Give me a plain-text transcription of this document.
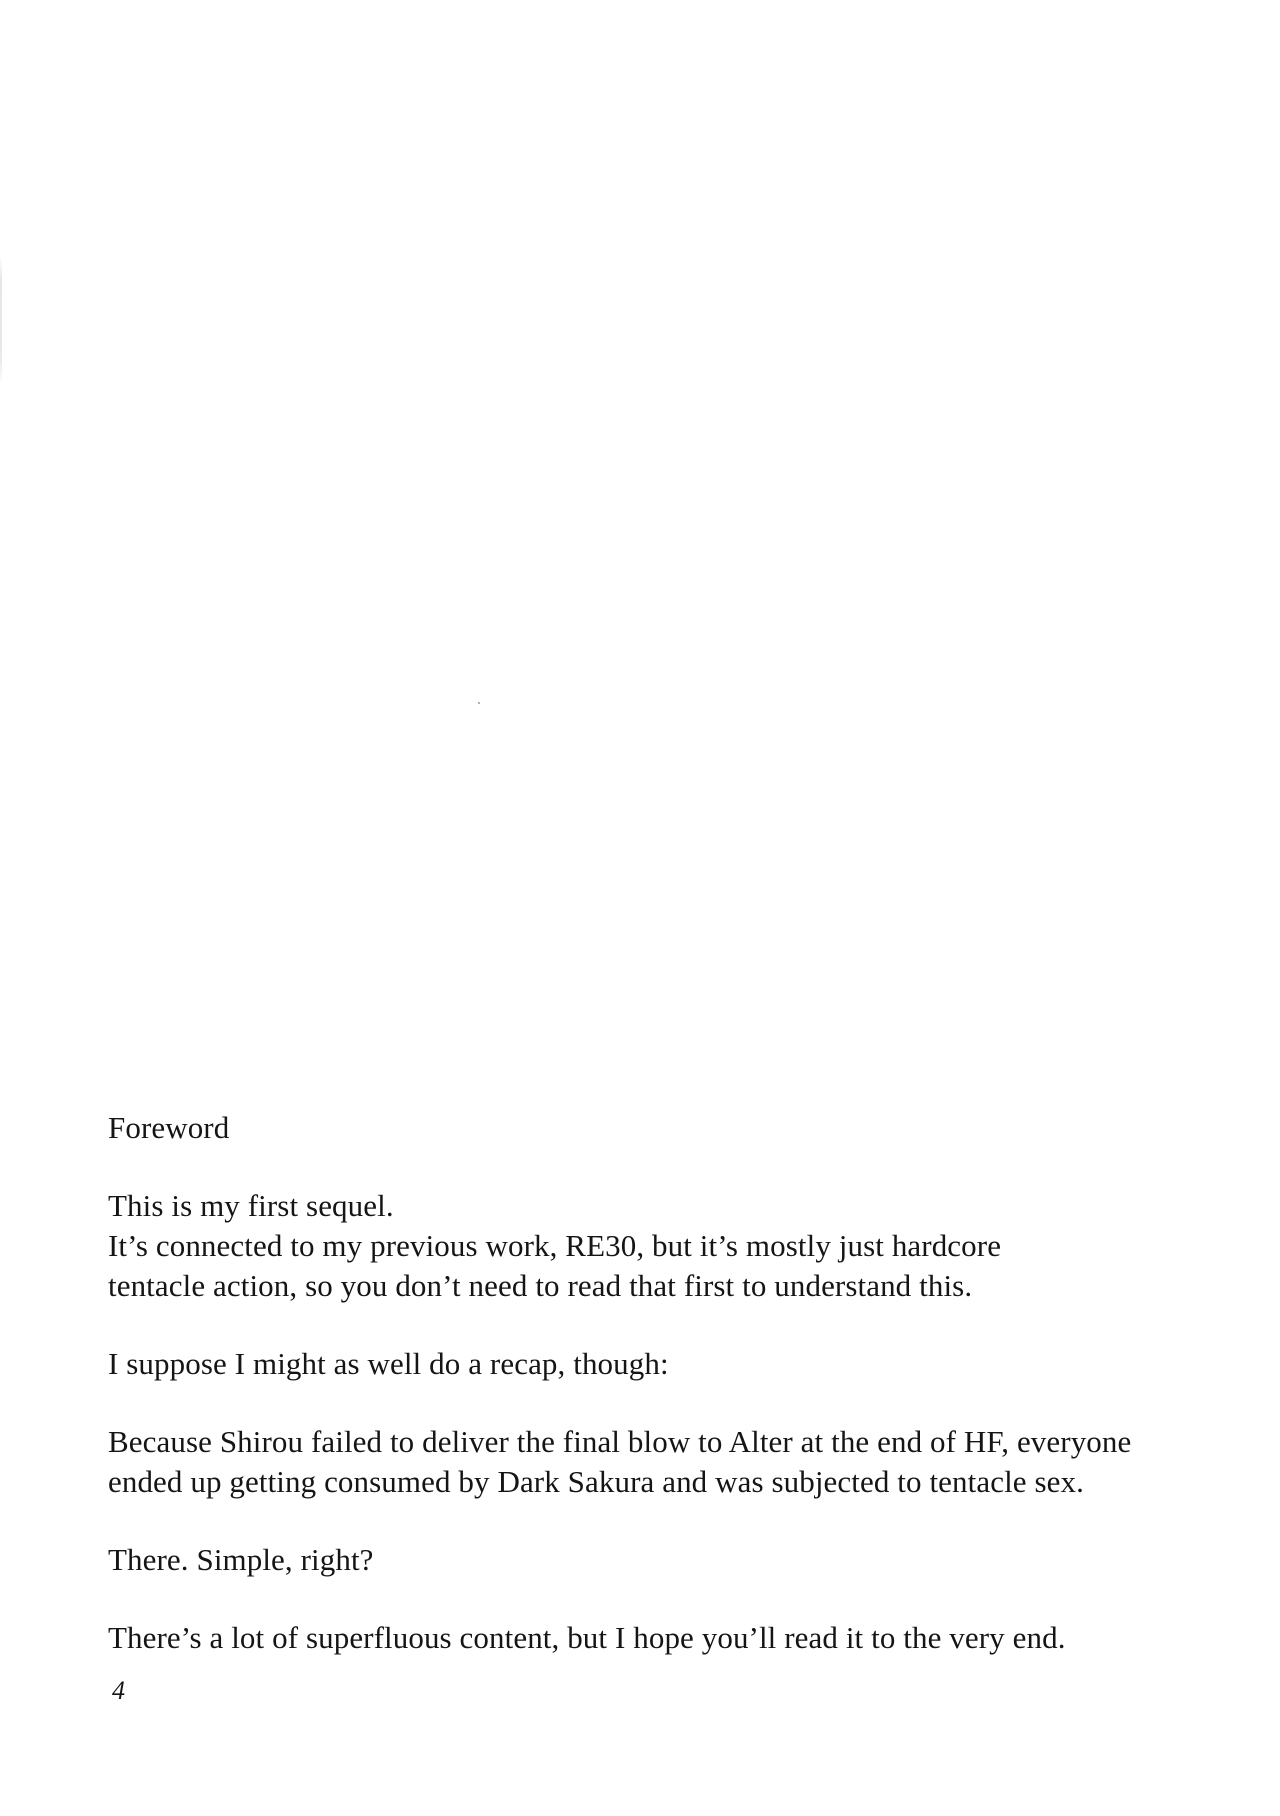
Foreword

This is my first sequel.

It’s connected to my previous work, RE30, but it’s mostly just hardcore

tentacle action, so you don’t need to read that first to understand this.

I suppose I might as well do a recap, though:

Because Shirou failed to deliver the final blow to Alter at the end of HF, everyone

ended up getting consumed by Dark Sakura and was subjected to tentacle sex.

There. Simple, right?

There’s a lot of superfluous content, but I hope you’ll read it to the very end.

4
